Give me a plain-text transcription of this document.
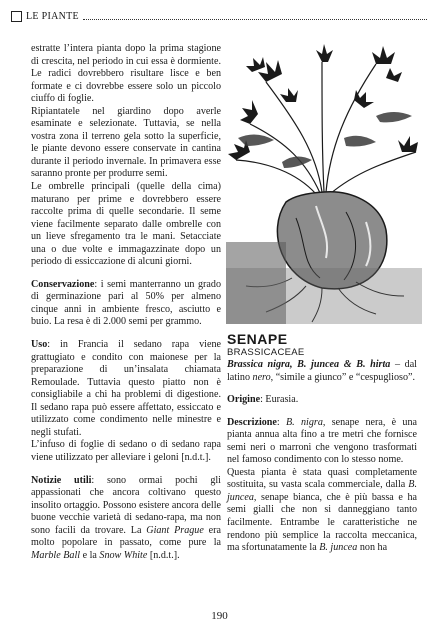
LE PIANTE

estratte l’intera pianta dopo la prima stagione di crescita, nel periodo in cui essa è dormiente. Le radici dovrebbero risultare lisce e ben formate e ci dovrebbe essere solo un piccolo ciuffo di foglie.

Ripiantatele nel giardino dopo averle esaminate e selezionate. Tuttavia, se nella vostra zona il terreno gela sotto la superficie, le piante devono essere conservate in cantina durante il periodo invernale. In primavera esse saranno pronte per produrre semi.

Le ombrelle principali (quelle della cima) maturano per prime e dovrebbero essere raccolte prima di quelle secondarie. Il seme viene facilmente separato dalle ombrelle con un lieve sfregamento tra le mani. Setacciate una o due volte e immagazzinate dopo un periodo di essiccazione di alcuni giorni.

Conservazione: i semi manterranno un grado di germinazione pari al 50% per almeno cinque anni in ambiente fresco, asciutto e buio. La resa è di 2.000 semi per grammo.

Uso: in Francia il sedano rapa viene grattugiato e condito con maionese per la preparazione di un’insalata chiamata Remoulade. Tuttavia questo piatto non è consigliabile a chi ha problemi di digestione. Il sedano rapa può essere affettato, essiccato e utilizzato come condimento nelle minestre e negli stufati.

L’infuso di foglie di sedano o di sedano rapa viene utilizzato per alleviare i geloni [n.d.t.].

Notizie utili: sono ormai pochi gli appassionati che ancora coltivano questo insolito ortaggio. Possono esistere ancora delle buone vecchie varietà di sedano-rapa, ma non sono facili da trovare. La Giant Prague era molto popolare in passato, come pure la Marble Ball e la Snow White [n.d.t.].

SENAPE

BRASSICACEAE

Brassica nigra, B. juncea & B. hirta – dal latino nero, “simile a giunco” e “cespuglioso”.

Origine: Eurasia.

Descrizione: B. nigra, senape nera, è una pianta annua alta fino a tre metri che fornisce semi neri o marroni che vengono trasformati nel famoso condimento con lo stesso nome.

Questa pianta è stata quasi completamente sostituita, su vasta scala commerciale, dalla B. juncea, senape bianca, che è più bassa e ha semi gialli che non si danneggiano tanto facilmente. Entrambe le caratteristiche ne rendono più semplice la raccolta meccanica, ma sfortunatamente la B. juncea non ha

190
